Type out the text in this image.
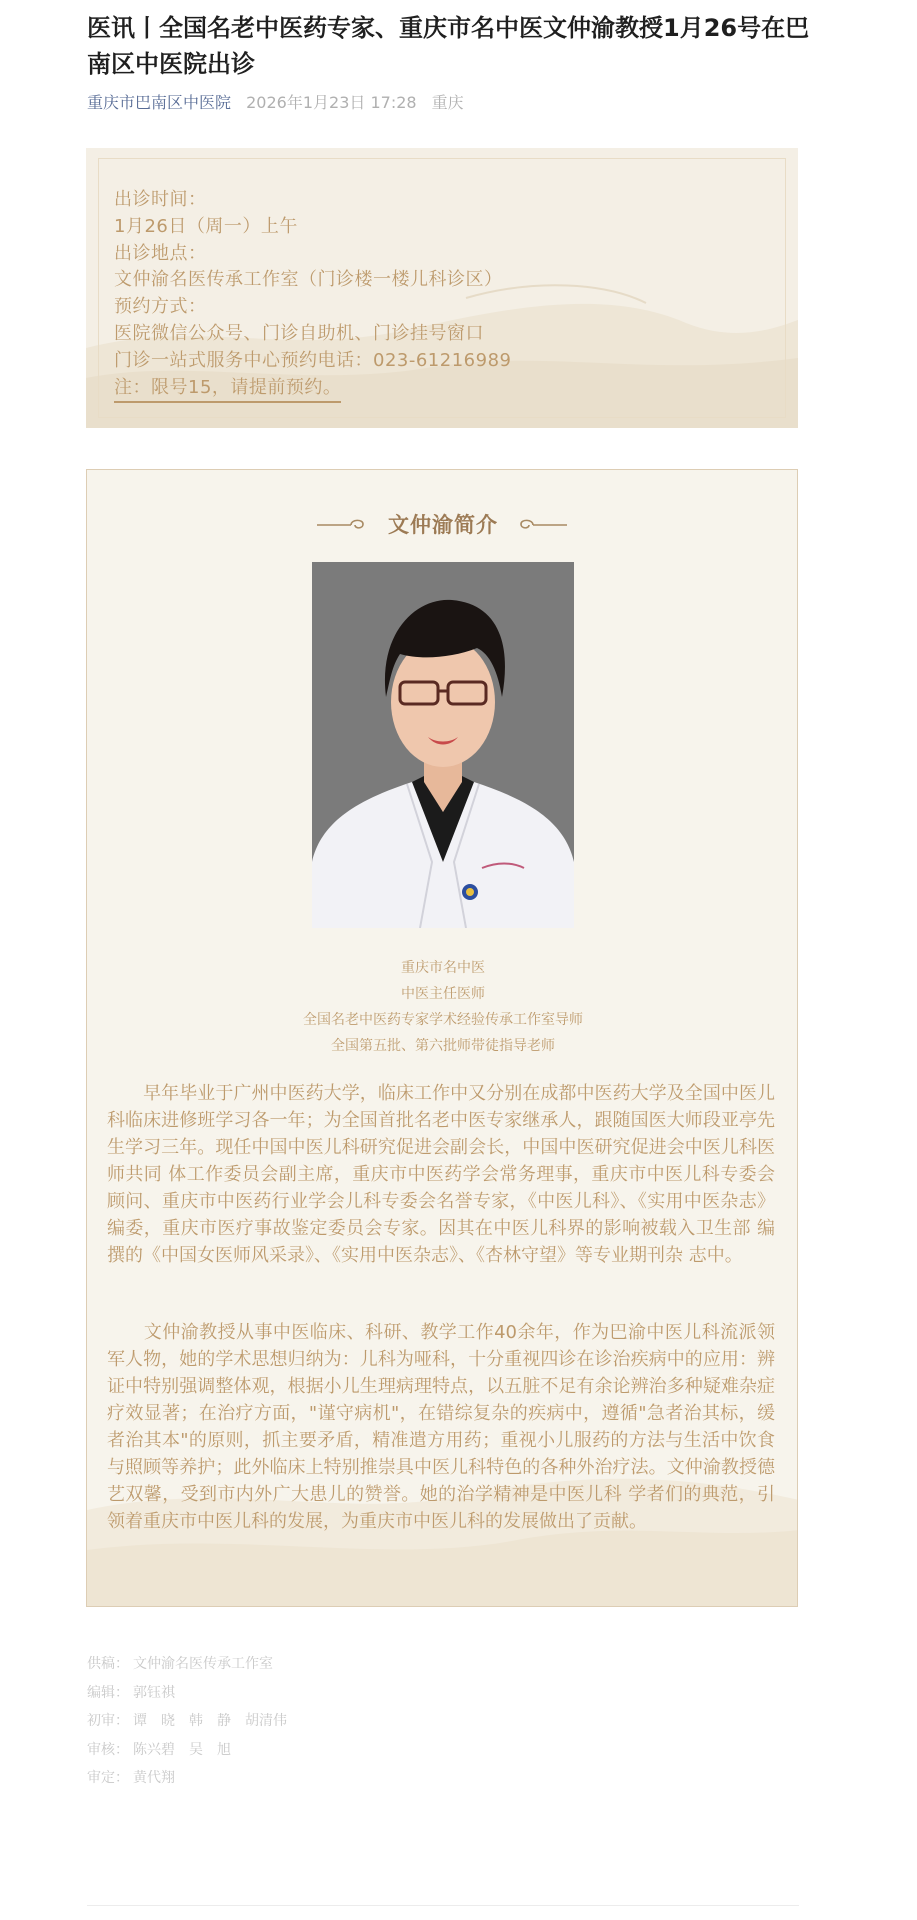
医讯丨全国名老中医药专家、重庆市名中医文仲渝教授1月26号在巴南区中医院出诊
重庆市巴南区中医院 2026年1月23日 17:28 重庆
出诊时间：
1月26日（周一）上午
出诊地点：
文仲渝名医传承工作室（门诊楼一楼儿科诊区）
预约方式：
医院微信公众号、门诊自助机、门诊挂号窗口
门诊一站式服务中心预约电话：023-61216989
注：限号15，请提前预约。
文仲渝简介
重庆市名中医
中医主任医师
全国名老中医药专家学术经验传承工作室导师
全国第五批、第六批师带徒指导老师

　　早年毕业于广州中医药大学，临床工作中又分别在成都中医药大学及全国中医儿科临床进修班学习各一年；为全国首批名老中医专家继承人，跟随国医大师段亚亭先生学习三年。现任中国中医儿科研究促进会副会长，中国中医研究促进会中医儿科医师共同 体工作委员会副主席，重庆市中医药学会常务理事，重庆市中医儿科专委会顾问、重庆市中医药行业学会儿科专委会名誉专家，《中医儿科》、《实用中医杂志》 编委，重庆市医疗事故鉴定委员会专家。因其在中医儿科界的影响被载入卫生部 编撰的《中国女医师风采录》、《实用中医杂志》、《杏林守望》等专业期刊杂 志中。

　　文仲渝教授从事中医临床、科研、教学工作40余年，作为巴渝中医儿科流派领军人物，她的学术思想归纳为：儿科为哑科，十分重视四诊在诊治疾病中的应用：辨证中特别强调整体观，根据小儿生理病理特点，以五脏不足有余论辨治多种疑难杂症疗效显著；在治疗方面，"谨守病机"，在错综复杂的疾病中，遵循"急者治其标，缓者治其本"的原则，抓主要矛盾，精准遣方用药；重视小儿服药的方法与生活中饮食与照顾等养护；此外临床上特别推崇具中医儿科特色的各种外治疗法。文仲渝教授德艺双馨，受到市内外广大患儿的赞誉。她的治学精神是中医儿科 学者们的典范，引领着重庆市中医儿科的发展，为重庆市中医儿科的发展做出了贡献。

供稿： 文仲渝名医传承工作室
编辑： 郭钰祺
初审： 谭　晓　韩　静　胡清伟
审核： 陈兴碧　吴　旭
审定： 黄代翔
